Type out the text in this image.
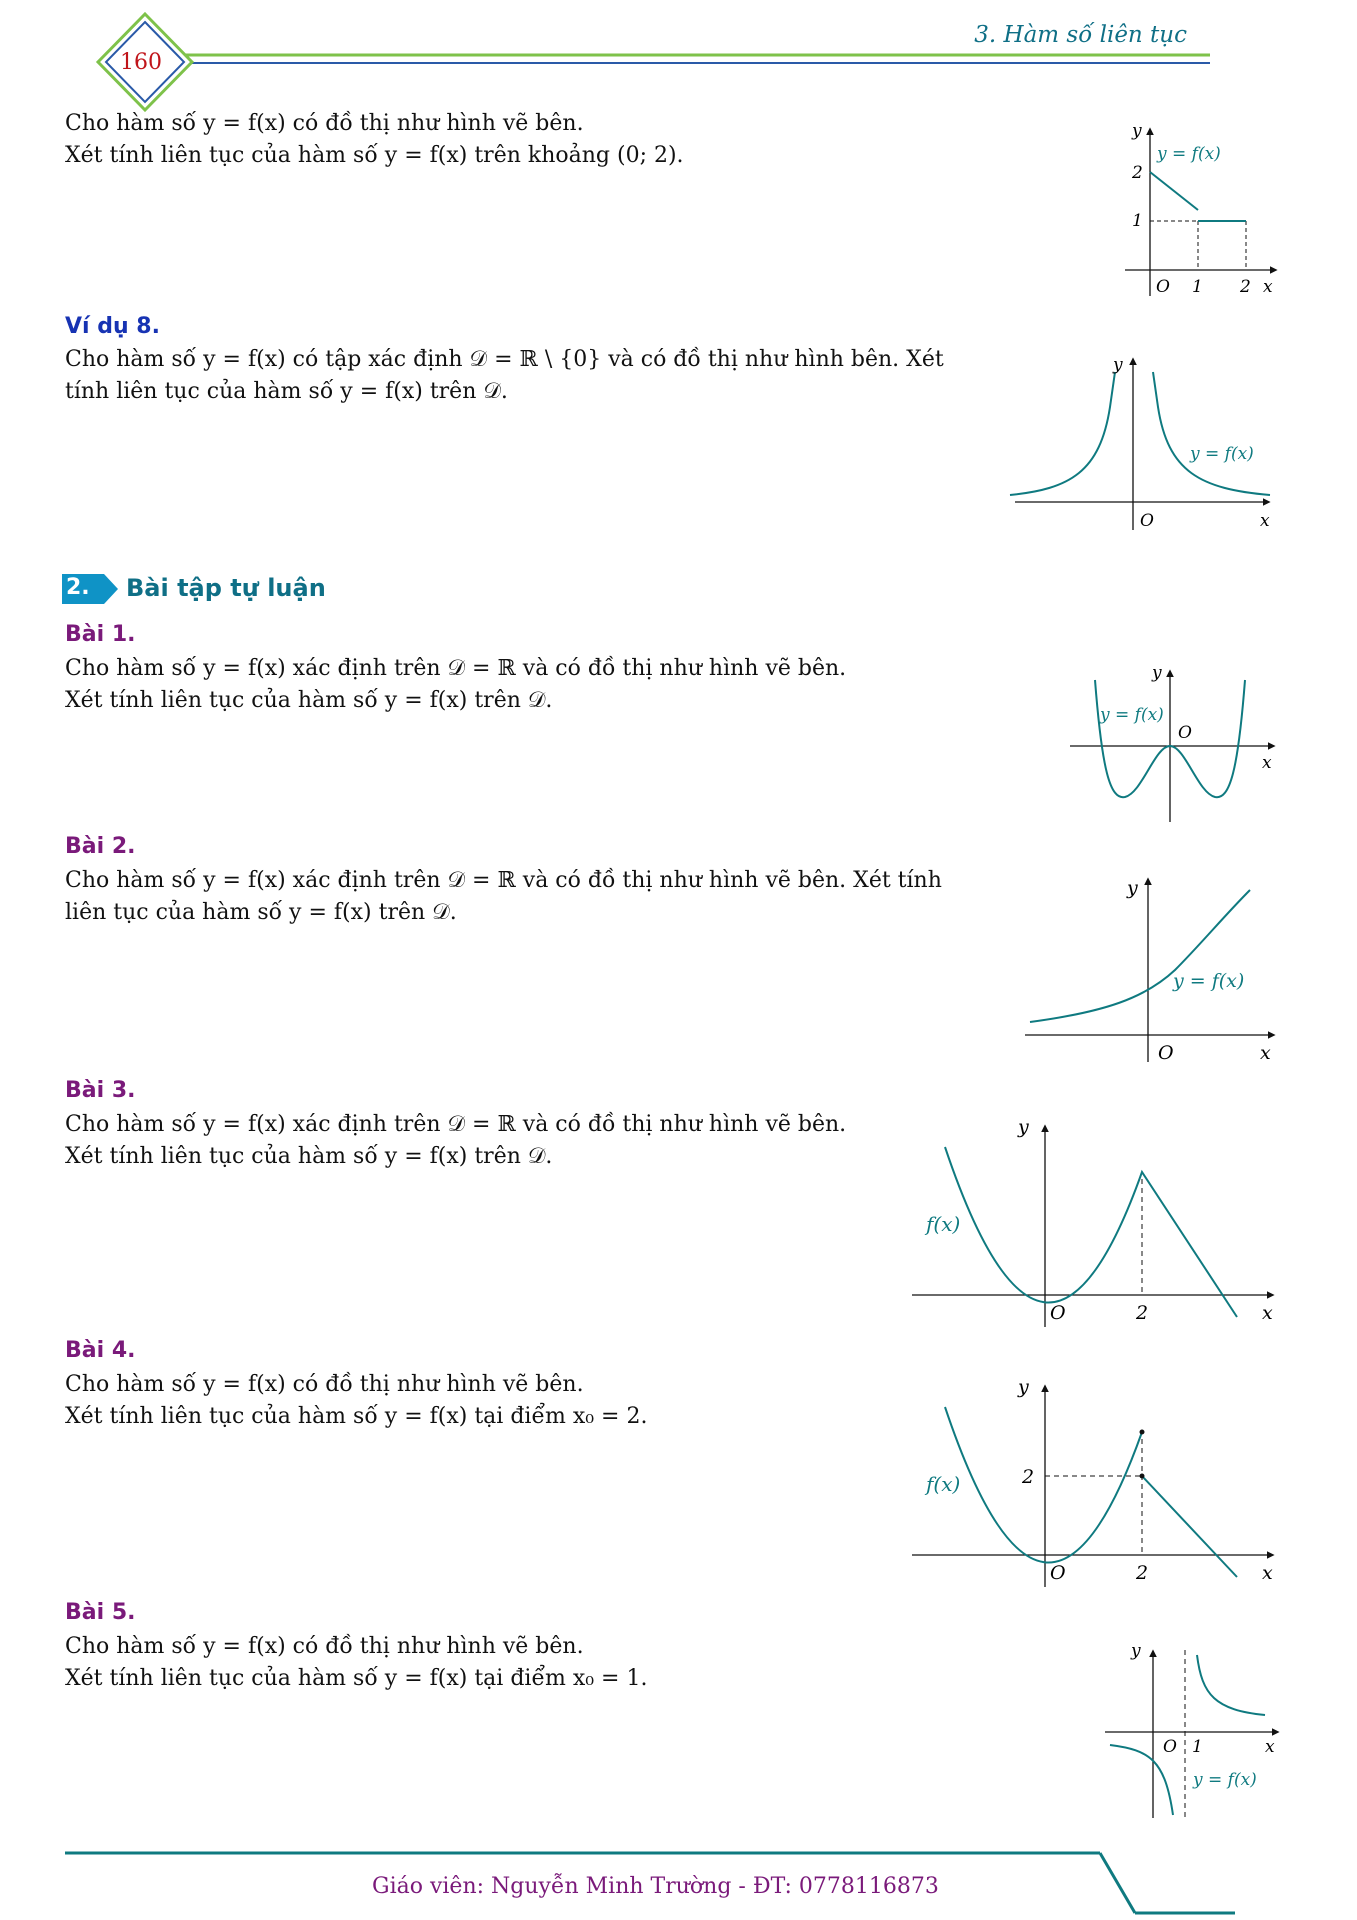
160
3. Hàm số liên tục
Cho hàm số y = f(x) có đồ thị như hình vẽ bên.
Xét tính liên tục của hàm số y = f(x) trên khoảng (0; 2).
y
2
1
O 1 2 x
y = f(x)
Ví dụ 8.
Cho hàm số y = f(x) có tập xác định 𝒟 = ℝ \ {0} và có đồ thị như hình bên. Xét
tính liên tục của hàm số y = f(x) trên 𝒟.
y
O	x
y = f(x)
2. Bài tập tự luận
Bài 1.
Cho hàm số y = f(x) xác định trên 𝒟 = ℝ và có đồ thị như hình vẽ bên.
Xét tính liên tục của hàm số y = f(x) trên 𝒟.
y
O
x
y = f(x)
Bài 2.
Cho hàm số y = f(x) xác định trên 𝒟 = ℝ và có đồ thị như hình vẽ bên. Xét tính
liên tục của hàm số y = f(x) trên 𝒟.
y
O	x
y = f(x)
Bài 3.
Cho hàm số y = f(x) xác định trên 𝒟 = ℝ và có đồ thị như hình vẽ bên.
Xét tính liên tục của hàm số y = f(x) trên 𝒟.
y
O	2	x
f(x)
Bài 4.
Cho hàm số y = f(x) có đồ thị như hình vẽ bên.
Xét tính liên tục của hàm số y = f(x) tại điểm x₀ = 2.
y
2
O	2	x
f(x)
Bài 5.
Cho hàm số y = f(x) có đồ thị như hình vẽ bên.
Xét tính liên tục của hàm số y = f(x) tại điểm x₀ = 1.
y
O 1	x
y = f(x)
Giáo viên: Nguyễn Minh Trường - ĐT: 0778116873
